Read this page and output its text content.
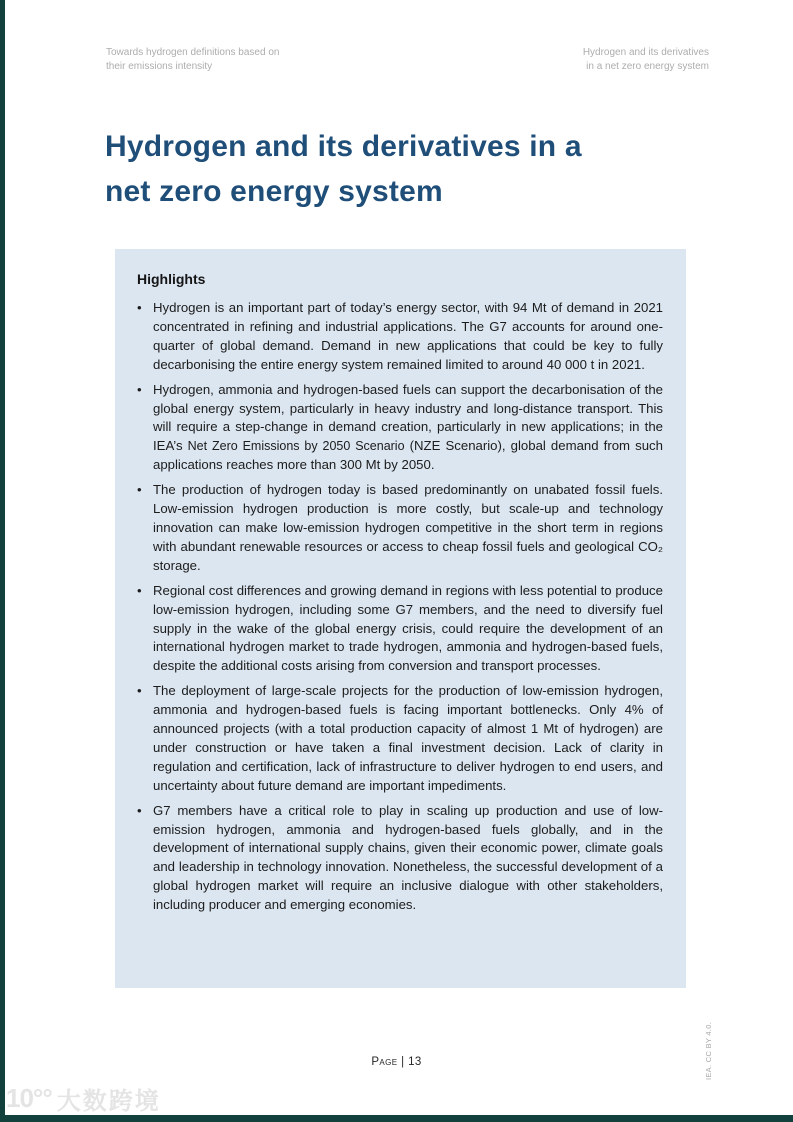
Towards hydrogen definitions based on
their emissions intensity
Hydrogen and its derivatives
in a net zero energy system
Hydrogen and its derivatives in a
net zero energy system
Highlights
• Hydrogen is an important part of today’s energy sector, with 94 Mt of demand in 2021 concentrated in refining and industrial applications. The G7 accounts for around one-quarter of global demand. Demand in new applications that could be key to fully decarbonising the entire energy system remained limited to around 40 000 t in 2021.
• Hydrogen, ammonia and hydrogen-based fuels can support the decarbonisation of the global energy system, particularly in heavy industry and long-distance transport. This will require a step-change in demand creation, particularly in new applications; in the IEA’s Net Zero Emissions by 2050 Scenario (NZE Scenario), global demand from such applications reaches more than 300 Mt by 2050.
• The production of hydrogen today is based predominantly on unabated fossil fuels. Low-emission hydrogen production is more costly, but scale-up and technology innovation can make low-emission hydrogen competitive in the short term in regions with abundant renewable resources or access to cheap fossil fuels and geological CO₂ storage.
• Regional cost differences and growing demand in regions with less potential to produce low-emission hydrogen, including some G7 members, and the need to diversify fuel supply in the wake of the global energy crisis, could require the development of an international hydrogen market to trade hydrogen, ammonia and hydrogen-based fuels, despite the additional costs arising from conversion and transport processes.
• The deployment of large-scale projects for the production of low-emission hydrogen, ammonia and hydrogen-based fuels is facing important bottlenecks. Only 4% of announced projects (with a total production capacity of almost 1 Mt of hydrogen) are under construction or have taken a final investment decision. Lack of clarity in regulation and certification, lack of infrastructure to deliver hydrogen to end users, and uncertainty about future demand are important impediments.
• G7 members have a critical role to play in scaling up production and use of low-emission hydrogen, ammonia and hydrogen-based fuels globally, and in the development of international supply chains, given their economic power, climate goals and leadership in technology innovation. Nonetheless, the successful development of a global hydrogen market will require an inclusive dialogue with other stakeholders, including producer and emerging economies.
Page | 13	IEA. CC BY 4.0.
10°° 大数跨境
